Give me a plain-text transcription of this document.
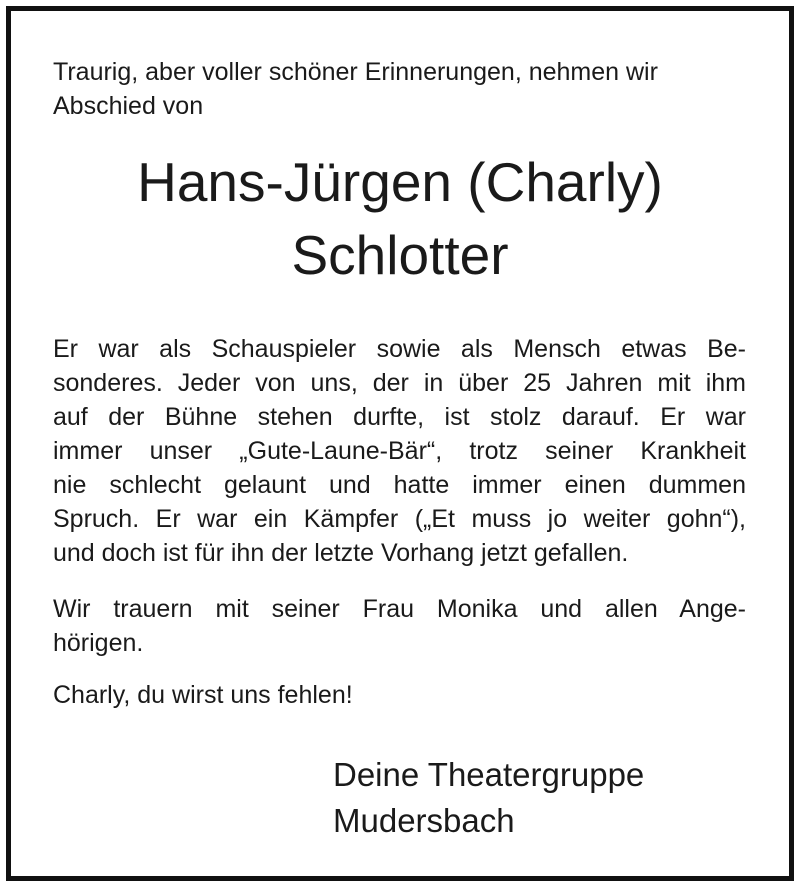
Traurig, aber voller schöner Erinnerungen, nehmen wir
Abschied von

Hans-Jürgen (Charly)
Schlotter

Er war als Schauspieler sowie als Mensch etwas Be-
sonderes. Jeder von uns, der in über 25 Jahren mit ihm
auf der Bühne stehen durfte, ist stolz darauf. Er war
immer unser „Gute-Laune-Bär“, trotz seiner Krankheit
nie schlecht gelaunt und hatte immer einen dummen
Spruch. Er war ein Kämpfer („Et muss jo weiter gohn“),
und doch ist für ihn der letzte Vorhang jetzt gefallen.

Wir trauern mit seiner Frau Monika und allen Ange-
hörigen.

Charly, du wirst uns fehlen!

Deine Theatergruppe
Mudersbach
